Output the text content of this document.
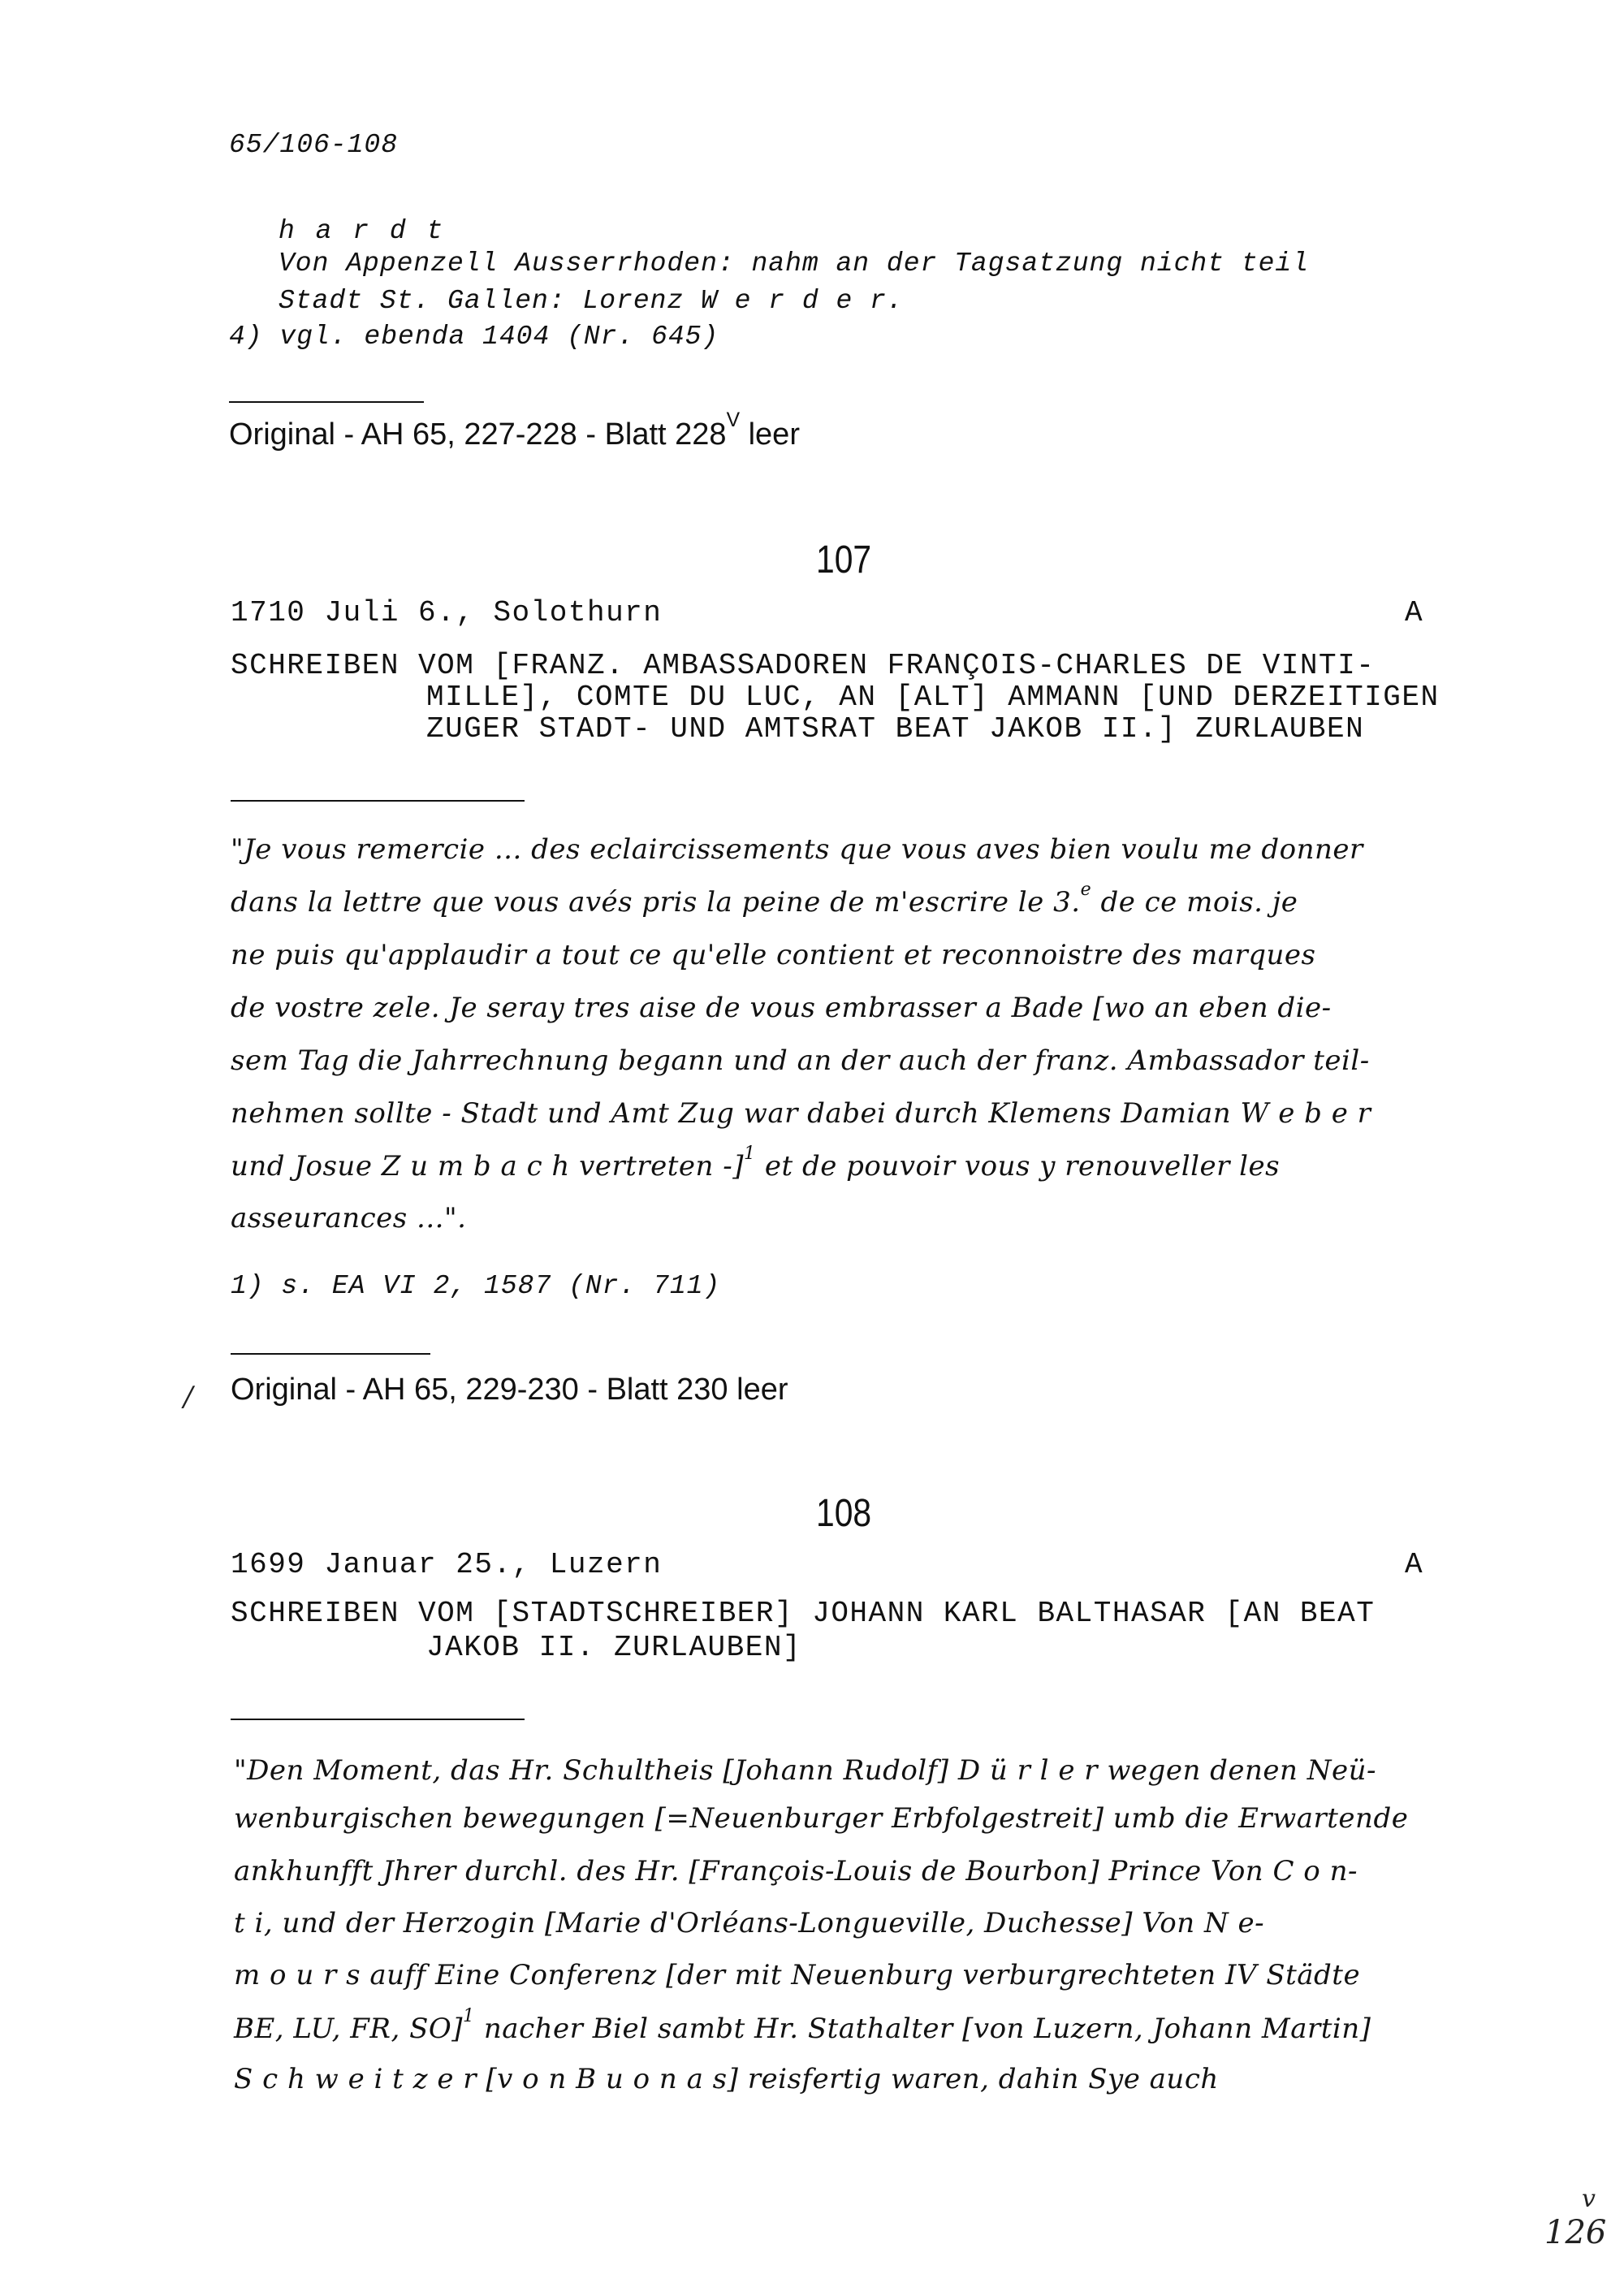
65/106-108
h a r d t
Von Appenzell Ausserrhoden: nahm an der Tagsatzung nicht teil
Stadt St. Gallen: Lorenz W e r d e r.
4) vgl. ebenda 1404 (Nr. 645)
Original - AH 65, 227-228 - Blatt $228^V$ leer
107
1710 Juli 6., Solothurn	A
SCHREIBEN VOM [FRANZ. AMBASSADOREN FRANÇOIS-CHARLES DE VINTI-
MILLE], COMTE DU LUC, AN [ALT] AMMANN [UND DERZEITIGEN
ZUGER STADT- UND AMTSRAT BEAT JAKOB II.] ZURLAUBEN
"Je vous remercie ... des eclaircissements que vous aves bien voulu me donner
dans la lettre que vous avés pris la peine de m'escrire le 3.$^e$ de ce mois. je
ne puis qu'applaudir a tout ce qu'elle contient et reconnoistre des marques
de vostre zele. Je seray tres aise de vous embrasser a Bade [wo an eben die-
sem Tag die Jahrrechnung begann und an der auch der franz. Ambassador teil-
nehmen sollte - Stadt und Amt Zug war dabei durch Klemens Damian W e b e r
und Josue Z u m b a c h vertreten -]$^1$ et de pouvoir vous y renouveller les
asseurances ...".
1) s. EA VI 2, 1587 (Nr. 711)
/ Original - AH 65, 229-230 - Blatt 230 leer
108
1699 Januar 25., Luzern	A
SCHREIBEN VOM [STADTSCHREIBER] JOHANN KARL BALTHASAR [AN BEAT
JAKOB II. ZURLAUBEN]
"Den Moment, das Hr. Schultheis [Johann Rudolf] D ü r l e r wegen denen Neü-
wenburgischen bewegungen [=Neuenburger Erbfolgestreit] umb die Erwartende
ankhunfft Jhrer durchl. des Hr. [François-Louis de Bourbon] Prince Von C o n-
t i, und der Herzogin [Marie d'Orléans-Longueville, Duchesse] Von N e-
m o u r s auff Eine Conferenz [der mit Neuenburg verburgrechteten IV Städte
BE, LU, FR, SO]$^1$ nacher Biel sambt Hr. Stathalter [von Luzern, Johann Martin]
S c h w e i t z e r [v o n B u o n a s] reisfertig waren, dahin Sye auch
v
126
